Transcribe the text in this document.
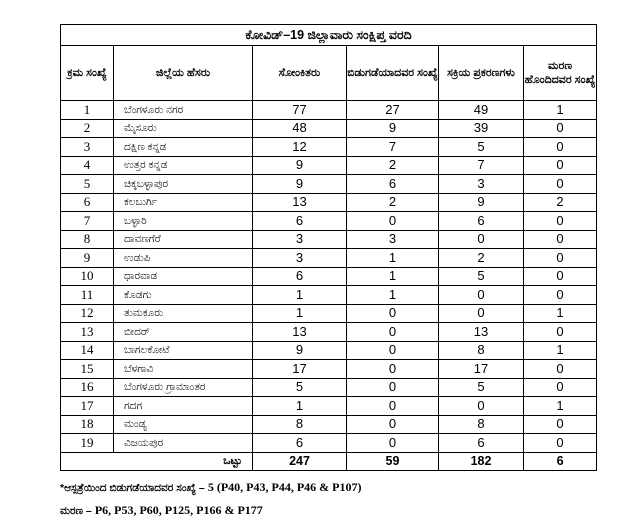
ಕೋವಿಡ್–19 ಜಿಲ್ಲಾವಾರು ಸಂಕ್ಷಿಪ್ತ ವರದಿ					
ಕ್ರಮ ಸಂಖ್ಯೆ	ಜಿಲ್ಲೆಯ ಹೆಸರು	ಸೋಂಕಿತರು	ಬಿಡುಗಡೆಯಾದವರ ಸಂಖ್ಯೆ	ಸಕ್ರಿಯ ಪ್ರಕರಣಗಳು	ಮರಣ ಹೊಂದಿದವರ ಸಂಖ್ಯೆ
1	ಬೆಂಗಳೂರು ನಗರ	77	27	49	1
2	ಮೈಸೂರು	48	9	39	0
3	ದಕ್ಷಿಣ ಕನ್ನಡ	12	7	5	0
4	ಉತ್ತರ ಕನ್ನಡ	9	2	7	0
5	ಚಿಕ್ಕಬಳ್ಳಾಪುರ	9	6	3	0
6	ಕಲಬುರ್ಗಿ	13	2	9	2
7	ಬಳ್ಳಾರಿ	6	0	6	0
8	ದಾವಣಗೆರೆ	3	3	0	0
9	ಉಡುಪಿ	3	1	2	0
10	ಧಾರವಾಡ	6	1	5	0
11	ಕೊಡಗು	1	1	0	0
12	ತುಮಕೂರು	1	0	0	1
13	ಬೀದರ್	13	0	13	0
14	ಬಾಗಲಕೋಟೆ	9	0	8	1
15	ಬೆಳಗಾವಿ	17	0	17	0
16	ಬೆಂಗಳೂರು ಗ್ರಾಮಾಂತರ	5	0	5	0
17	ಗದಗ	1	0	0	1
18	ಮಂಡ್ಯ	8	0	8	0
19	ವಿಜಯಪುರ	6	0	6	0
ಒಟ್ಟು		247	59	182	6
*ಆಸ್ಪತ್ರೆಯಿಂದ ಬಿಡುಗಡೆಯಾದವರ ಸಂಖ್ಯೆ – 5 (P40, P43, P44, P46 & P107)
ಮರಣ – P6, P53, P60, P125, P166 & P177
